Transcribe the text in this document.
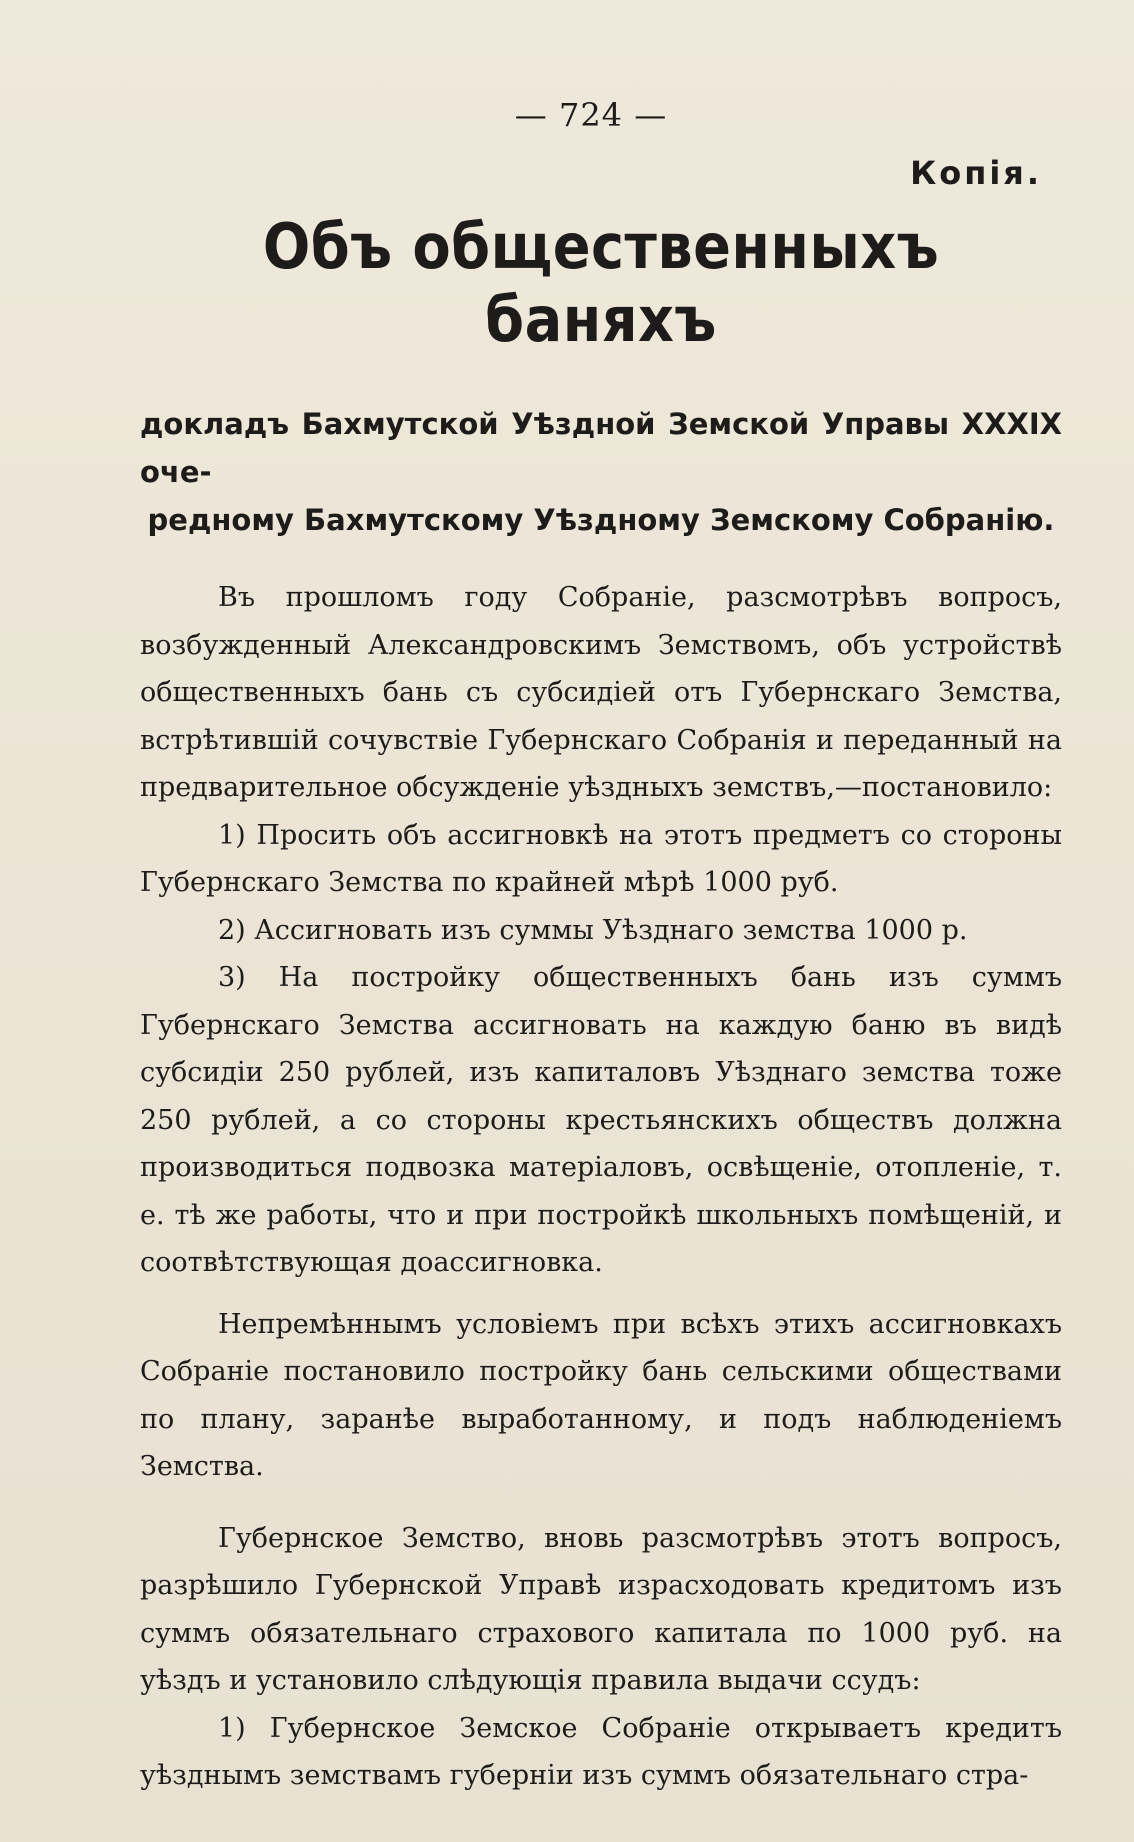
— 724 —
Копія.
Объ общественныхъ баняхъ
докладъ Бахмутской Уѣздной Земской Управы XXXIX оче-
редному Бахмутскому Уѣздному Земскому Собранію.

Въ прошломъ году Собраніе, разсмотрѣвъ вопросъ, возбужденный Александровскимъ Земствомъ, объ устройствѣ общественныхъ бань съ субсидіей отъ Губернскаго Земства, встрѣтившій сочувствіе Губернскаго Собранія и переданный на предварительное обсужденіе уѣздныхъ земствъ,—постановило:

1) Просить объ ассигновкѣ на этотъ предметъ со стороны Губернскаго Земства по крайней мѣрѣ 1000 руб.

2) Ассигновать изъ суммы Уѣзднаго земства 1000 р.

3) На постройку общественныхъ бань изъ суммъ Губернскаго Земства ассигновать на каждую баню въ видѣ субсидіи 250 рублей, изъ капиталовъ Уѣзднаго земства тоже 250 рублей, а со стороны крестьянскихъ обществъ должна производиться подвозка матеріаловъ, освѣщеніе, отопленіе, т. е. тѣ же работы, что и при постройкѣ школьныхъ помѣщеній, и соотвѣтствующая доассигновка.

Непремѣннымъ условіемъ при всѣхъ этихъ ассигновкахъ Собраніе постановило постройку бань сельскими обществами по плану, заранѣе выработанному, и подъ наблюденіемъ Земства.

Губернское Земство, вновь разсмотрѣвъ этотъ вопросъ, разрѣшило Губернской Управѣ израсходовать кредитомъ изъ суммъ обязательнаго страхового капитала по 1000 руб. на уѣздъ и установило слѣдующія правила выдачи ссудъ:

1) Губернское Земское Собраніе открываетъ кредитъ уѣзднымъ земствамъ губерніи изъ суммъ обязательнаго стра-
